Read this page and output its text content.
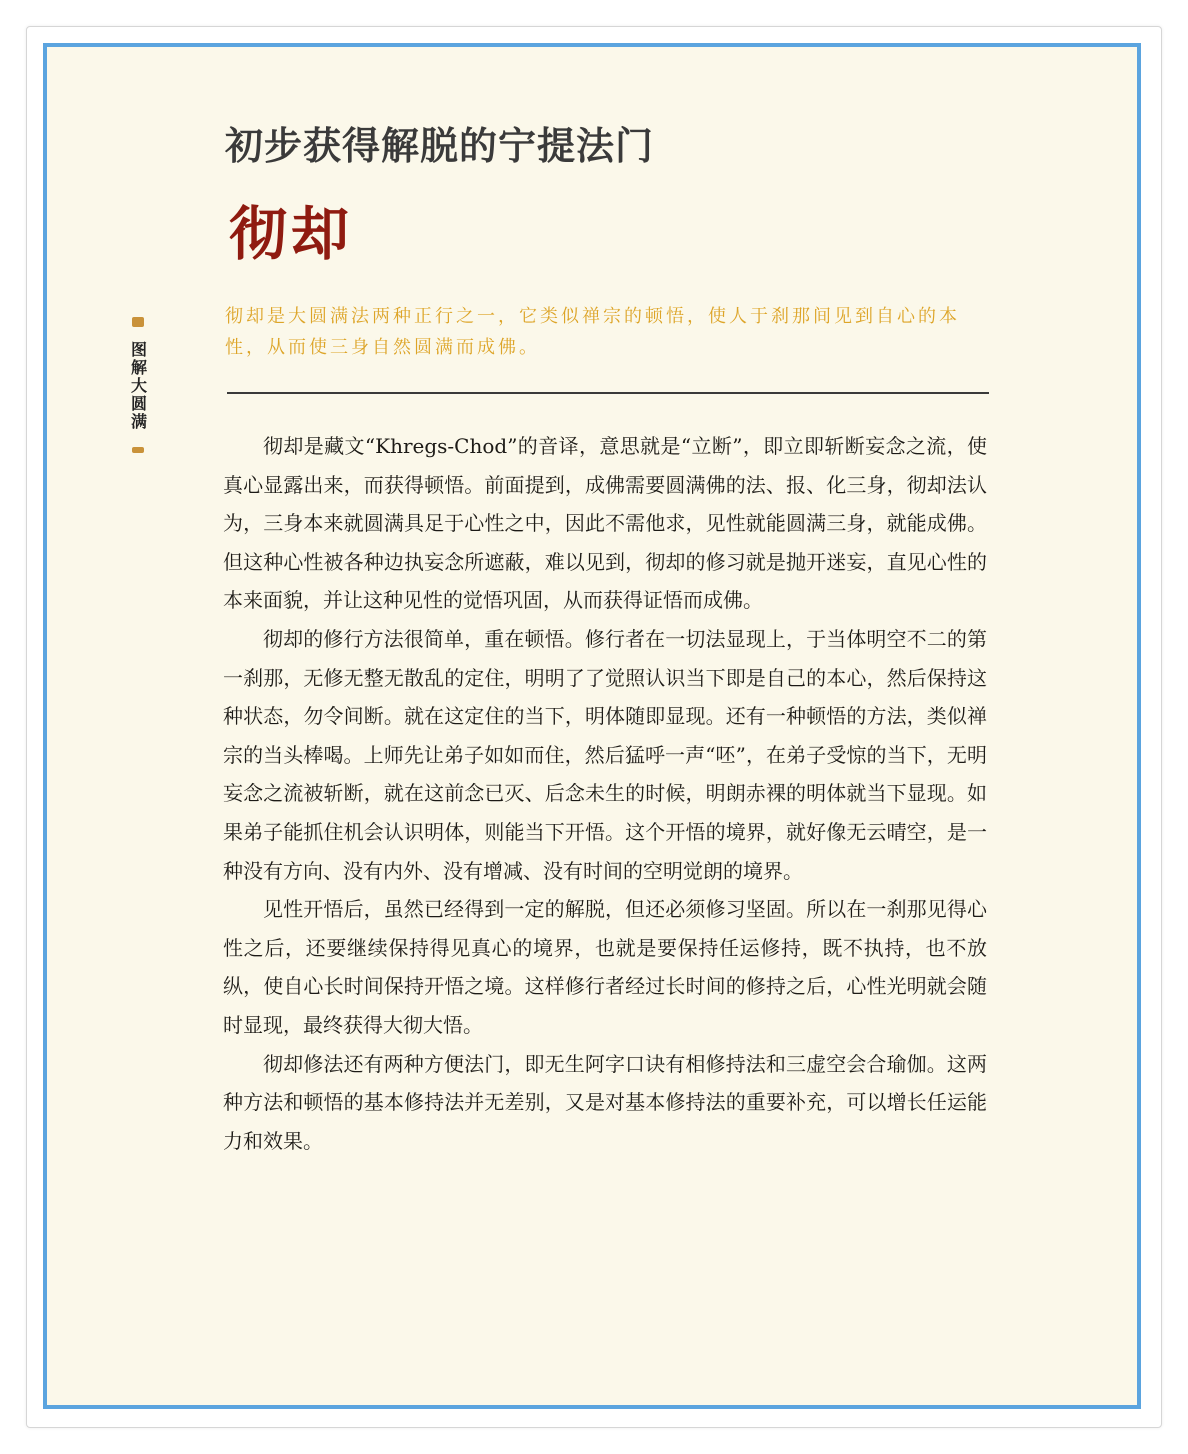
图解大圆满
初步获得解脱的宁提法门
彻却
彻却是大圆满法两种正行之一，它类似禅宗的顿悟，使人于刹那间见到自心的本性，从而使三身自然圆满而成佛。

彻却是藏文“Khregs-Chod”的音译，意思就是“立断”，即立即斩断妄念之流，使真心显露出来，而获得顿悟。前面提到，成佛需要圆满佛的法、报、化三身，彻却法认为，三身本来就圆满具足于心性之中，因此不需他求，见性就能圆满三身，就能成佛。但这种心性被各种边执妄念所遮蔽，难以见到，彻却的修习就是抛开迷妄，直见心性的本来面貌，并让这种见性的觉悟巩固，从而获得证悟而成佛。

彻却的修行方法很简单，重在顿悟。修行者在一切法显现上，于当体明空不二的第一刹那，无修无整无散乱的定住，明明了了觉照认识当下即是自己的本心，然后保持这种状态，勿令间断。就在这定住的当下，明体随即显现。还有一种顿悟的方法，类似禅宗的当头棒喝。上师先让弟子如如而住，然后猛呼一声“呸”，在弟子受惊的当下，无明妄念之流被斩断，就在这前念已灭、后念未生的时候，明朗赤裸的明体就当下显现。如果弟子能抓住机会认识明体，则能当下开悟。这个开悟的境界，就好像无云晴空，是一种没有方向、没有内外、没有增减、没有时间的空明觉朗的境界。

见性开悟后，虽然已经得到一定的解脱，但还必须修习坚固。所以在一刹那见得心性之后，还要继续保持得见真心的境界，也就是要保持任运修持，既不执持，也不放纵，使自心长时间保持开悟之境。这样修行者经过长时间的修持之后，心性光明就会随时显现，最终获得大彻大悟。

彻却修法还有两种方便法门，即无生阿字口诀有相修持法和三虚空会合瑜伽。这两种方法和顿悟的基本修持法并无差别，又是对基本修持法的重要补充，可以增长任运能力和效果。
